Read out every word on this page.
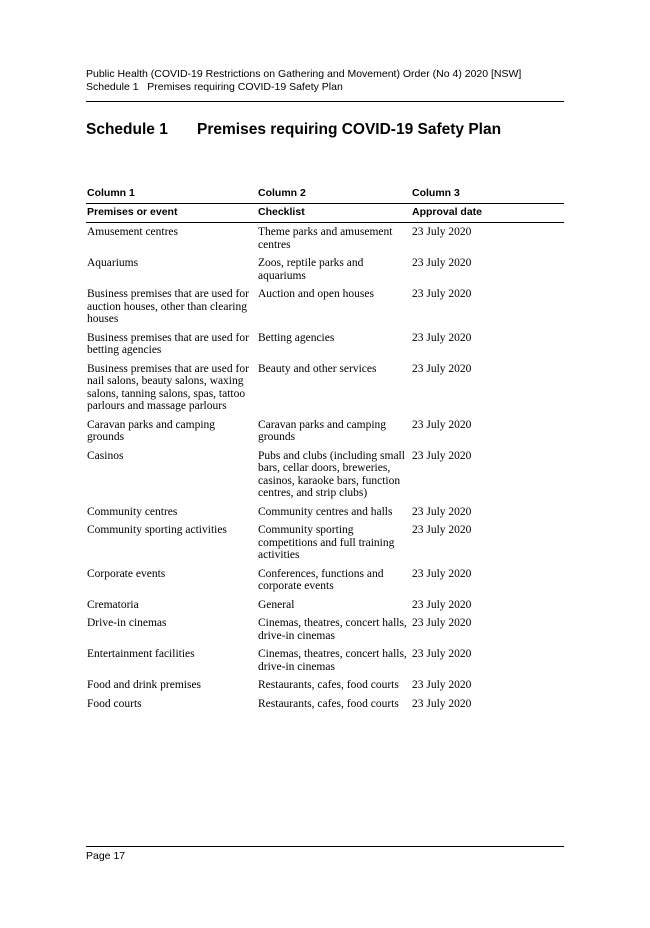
Public Health (COVID-19 Restrictions on Gathering and Movement) Order (No 4) 2020 [NSW]
Schedule 1   Premises requiring COVID-19 Safety Plan
Schedule 1 Premises requiring COVID-19 Safety Plan
Column 1	Column 2	Column 3
Premises or event	Checklist	Approval date
Amusement centres	Theme parks and amusement centres	23 July 2020
Aquariums	Zoos, reptile parks and aquariums	23 July 2020
Business premises that are used for auction houses, other than clearing houses	Auction and open houses	23 July 2020
Business premises that are used for betting agencies	Betting agencies	23 July 2020
Business premises that are used for nail salons, beauty salons, waxing salons, tanning salons, spas, tattoo parlours and massage parlours	Beauty and other services	23 July 2020
Caravan parks and camping grounds	Caravan parks and camping grounds	23 July 2020
Casinos	Pubs and clubs (including small bars, cellar doors, breweries, casinos, karaoke bars, function centres, and strip clubs)	23 July 2020
Community centres	Community centres and halls	23 July 2020
Community sporting activities	Community sporting competitions and full training activities	23 July 2020
Corporate events	Conferences, functions and corporate events	23 July 2020
Crematoria	General	23 July 2020
Drive-in cinemas	Cinemas, theatres, concert halls, drive-in cinemas	23 July 2020
Entertainment facilities	Cinemas, theatres, concert halls, drive-in cinemas	23 July 2020
Food and drink premises	Restaurants, cafes, food courts	23 July 2020
Food courts	Restaurants, cafes, food courts	23 July 2020
Page 17
